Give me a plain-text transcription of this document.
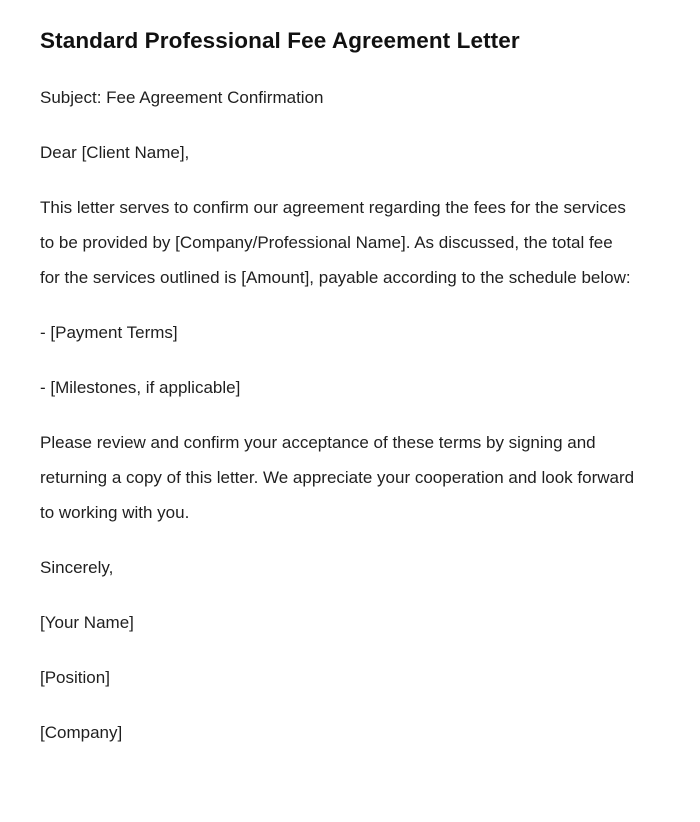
Standard Professional Fee Agreement Letter

Subject: Fee Agreement Confirmation

Dear [Client Name],

This letter serves to confirm our agreement regarding the fees for the services to be provided by [Company/Professional Name]. As discussed, the total fee for the services outlined is [Amount], payable according to the schedule below:

- [Payment Terms]

- [Milestones, if applicable]

Please review and confirm your acceptance of these terms by signing and returning a copy of this letter. We appreciate your cooperation and look forward to working with you.

Sincerely,

[Your Name]

[Position]

[Company]
